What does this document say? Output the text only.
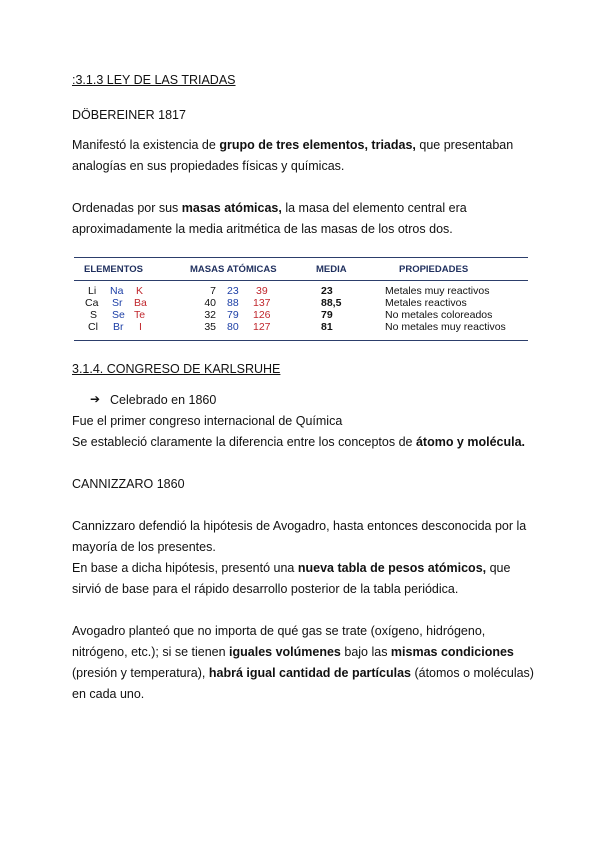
:3.1.3 LEY DE LAS TRIADAS
DÖBEREINER 1817
Manifestó la existencia de grupo de tres elementos, triadas, que presentaban
analogías en sus propiedades físicas y químicas.
Ordenadas por sus masas atómicas, la masa del elemento central era
aproximadamente la media aritmética de las masas de los otros dos.
ELEMENTOS	MASAS ATÓMICAS	MEDIA	PROPIEDADES
Li Na K	7 23 39	23	Metales muy reactivos
Ca Sr Ba	40 88 137	88,5	Metales reactivos
S Se Te	32 79 126	79	No metales coloreados
Cl Br I	35 80 127	81	No metales muy reactivos
3.1.4. CONGRESO DE KARLSRUHE
➔ Celebrado en 1860
Fue el primer congreso internacional de Química
Se estableció claramente la diferencia entre los conceptos de átomo y molécula.
CANNIZZARO 1860
Cannizzaro defendió la hipótesis de Avogadro, hasta entonces desconocida por la
mayoría de los presentes.
En base a dicha hipótesis, presentó una nueva tabla de pesos atómicos, que
sirvió de base para el rápido desarrollo posterior de la tabla periódica.
Avogadro planteó que no importa de qué gas se trate (oxígeno, hidrógeno,
nitrógeno, etc.); si se tienen iguales volúmenes bajo las mismas condiciones
(presión y temperatura), habrá igual cantidad de partículas (átomos o moléculas)
en cada uno.
